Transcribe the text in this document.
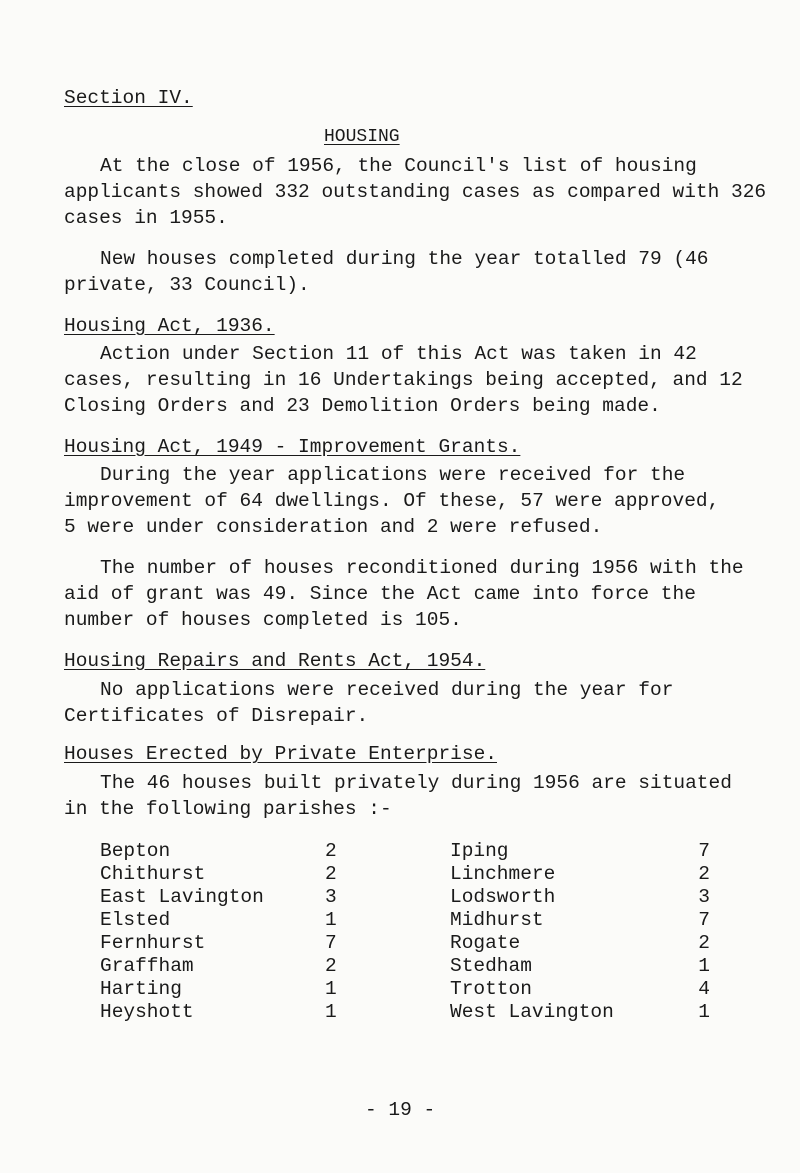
Section IV.
HOUSING
At the close of 1956, the Council's list of housing
applicants showed 332 outstanding cases as compared with 326
cases in 1955.
New houses completed during the year totalled 79 (46
private, 33 Council).
Housing Act, 1936.
Action under Section 11 of this Act was taken in 42
cases, resulting in 16 Undertakings being accepted, and 12
Closing Orders and 23 Demolition Orders being made.
Housing Act, 1949 - Improvement Grants.
During the year applications were received for the
improvement of 64 dwellings. Of these, 57 were approved,
5 were under consideration and 2 were refused.
The number of houses reconditioned during 1956 with the
aid of grant was 49. Since the Act came into force the
number of houses completed is 105.
Housing Repairs and Rents Act, 1954.
No applications were received during the year for
Certificates of Disrepair.
Houses Erected by Private Enterprise.
The 46 houses built privately during 1956 are situated
in the following parishes :-
Bepton	2	Iping	7
Chithurst	2	Linchmere	2
East Lavington	3	Lodsworth	3
Elsted	1	Midhurst	7
Fernhurst	7	Rogate	2
Graffham	2	Stedham	1
Harting	1	Trotton	4
Heyshott	1	West Lavington	1
- 19 -
